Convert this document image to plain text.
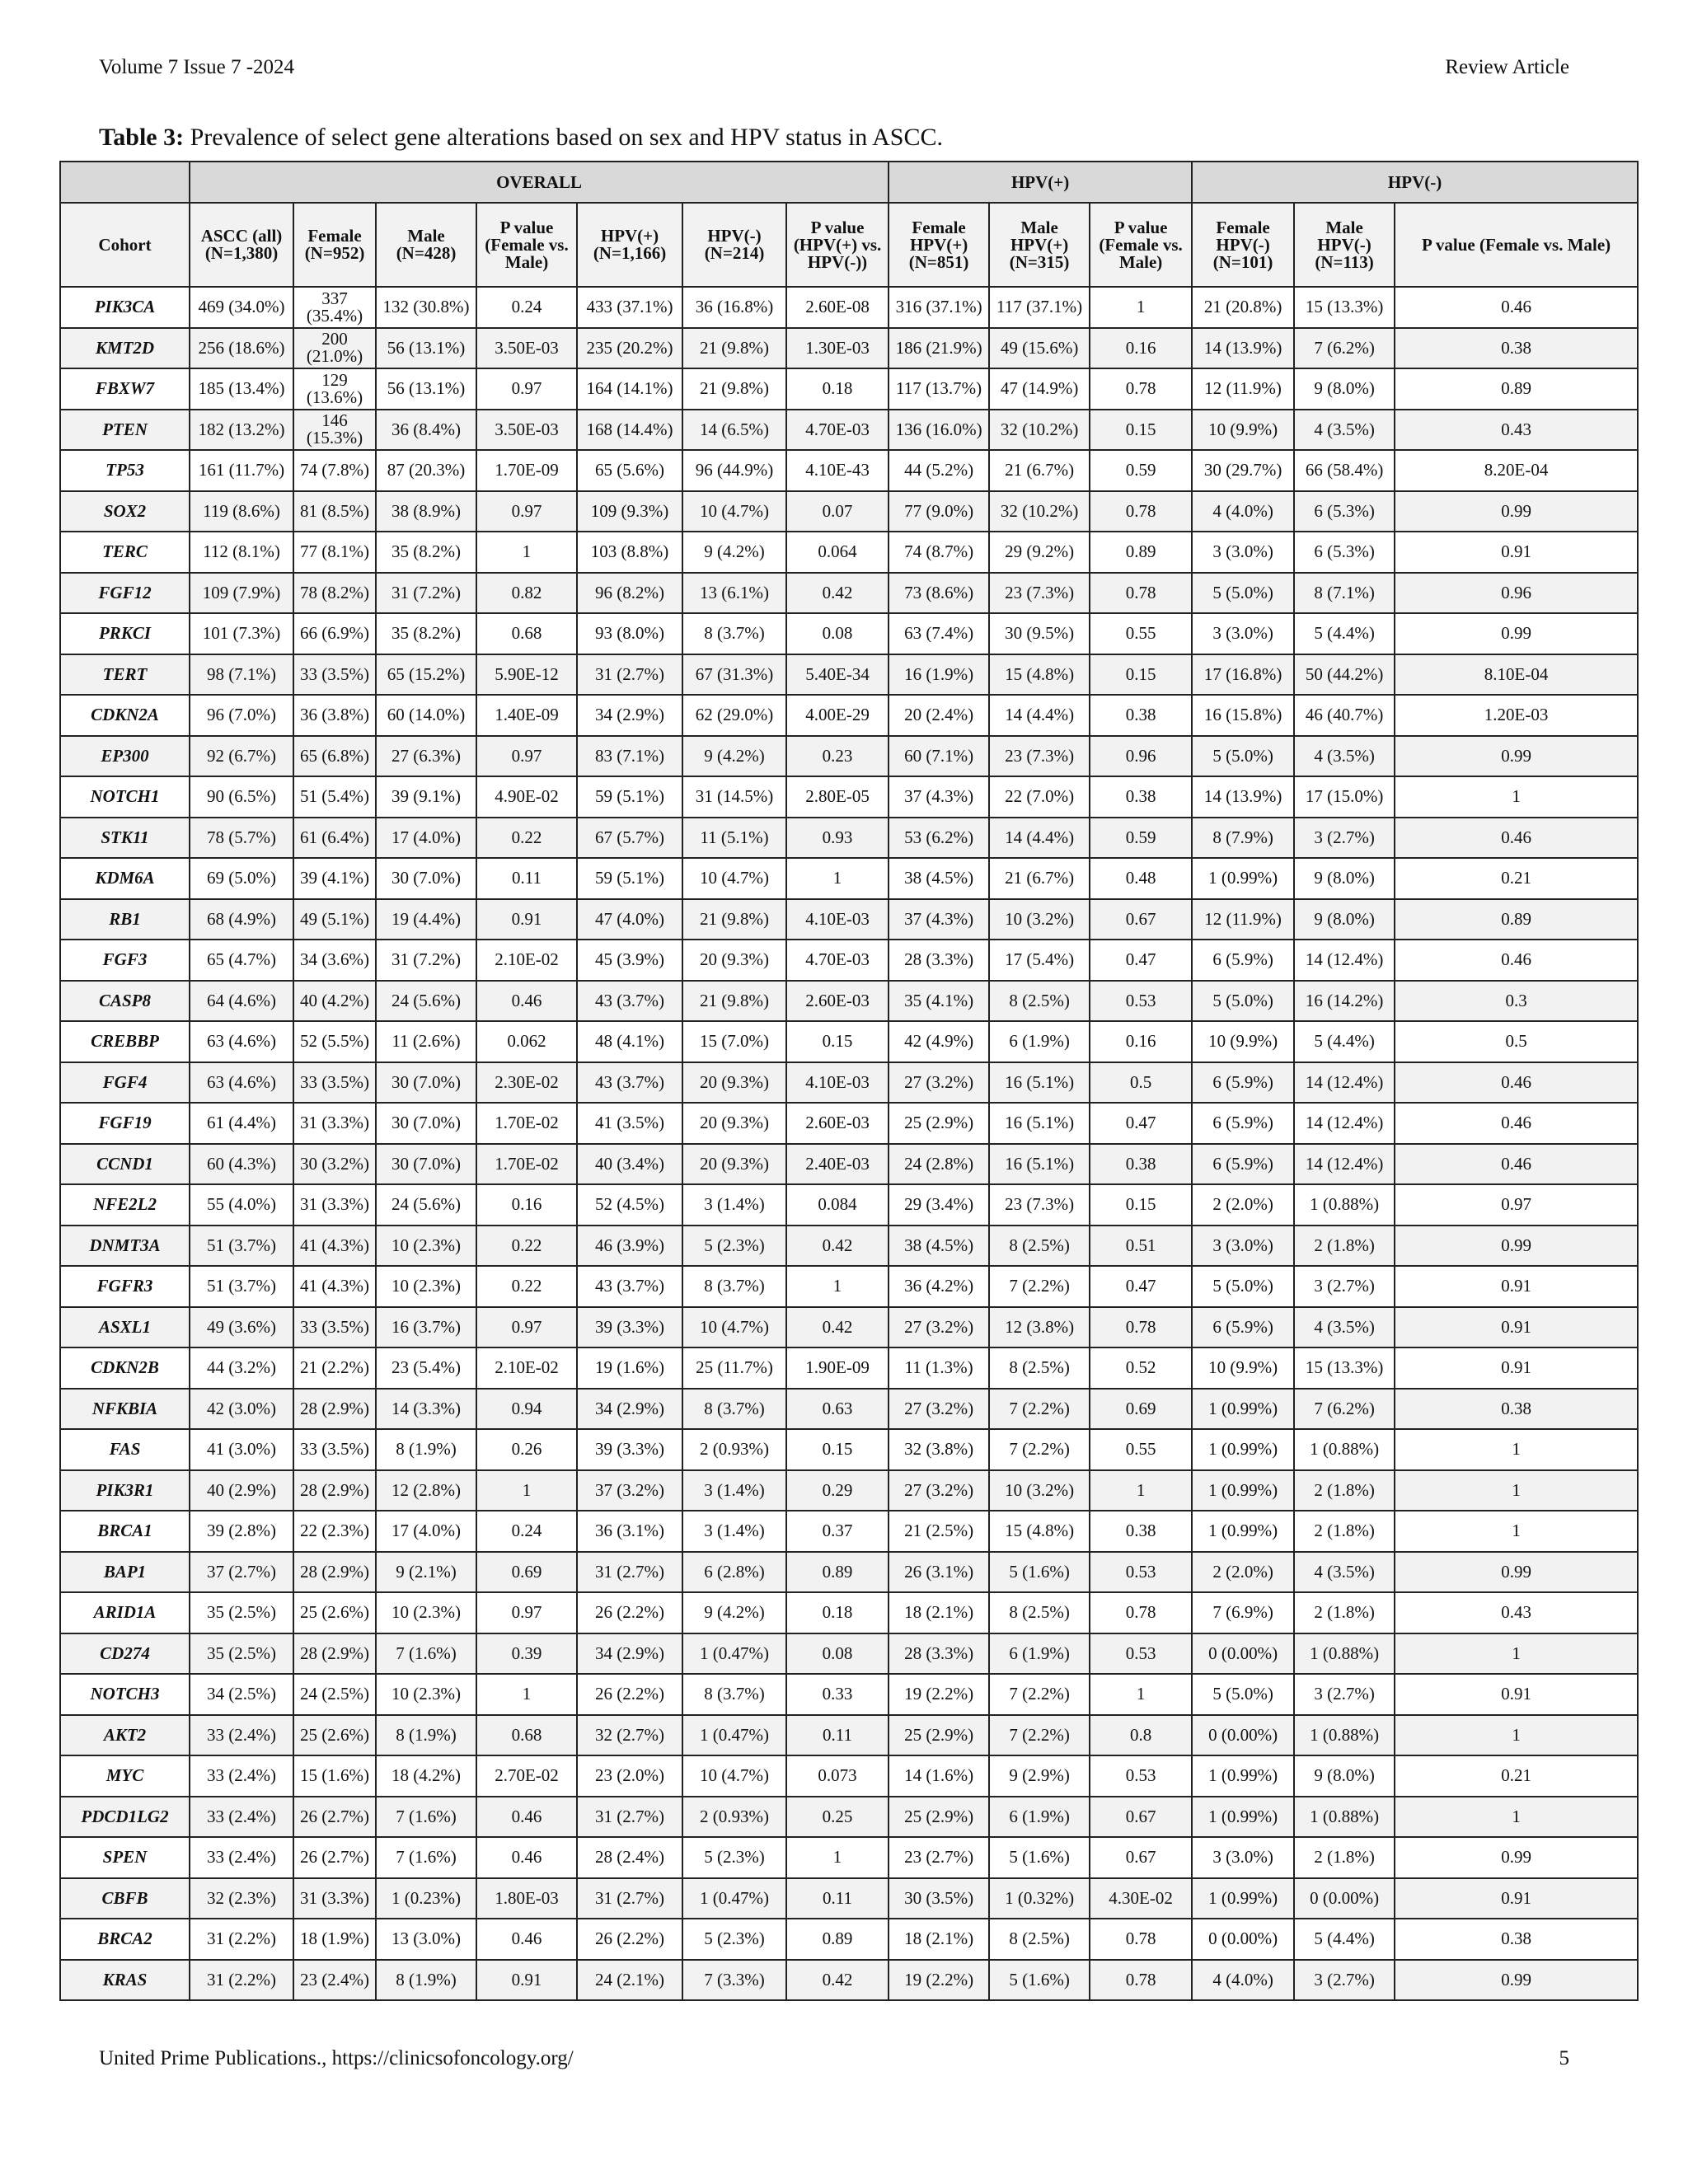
Volume 7 Issue 7 -2024	Review Article
Table 3: Prevalence of select gene alterations based on sex and HPV status in ASCC.
	OVERALL							HPV(+)			HPV(-)		
Cohort	ASCC (all) (N=1,380)	Female (N=952)	Male (N=428)	P value (Female vs. Male)	HPV(+) (N=1,166)	HPV(-) (N=214)	P value (HPV(+) vs. HPV(-))	Female HPV(+) (N=851)	Male HPV(+) (N=315)	P value (Female vs. Male)	Female HPV(-) (N=101)	Male HPV(-) (N=113)	P value (Female vs. Male)
PIK3CA	469 (34.0%)	337 (35.4%)	132 (30.8%)	0.24	433 (37.1%)	36 (16.8%)	2.60E-08	316 (37.1%)	117 (37.1%)	1	21 (20.8%)	15 (13.3%)	0.46
KMT2D	256 (18.6%)	200 (21.0%)	56 (13.1%)	3.50E-03	235 (20.2%)	21 (9.8%)	1.30E-03	186 (21.9%)	49 (15.6%)	0.16	14 (13.9%)	7 (6.2%)	0.38
FBXW7	185 (13.4%)	129 (13.6%)	56 (13.1%)	0.97	164 (14.1%)	21 (9.8%)	0.18	117 (13.7%)	47 (14.9%)	0.78	12 (11.9%)	9 (8.0%)	0.89
PTEN	182 (13.2%)	146 (15.3%)	36 (8.4%)	3.50E-03	168 (14.4%)	14 (6.5%)	4.70E-03	136 (16.0%)	32 (10.2%)	0.15	10 (9.9%)	4 (3.5%)	0.43
TP53	161 (11.7%)	74 (7.8%)	87 (20.3%)	1.70E-09	65 (5.6%)	96 (44.9%)	4.10E-43	44 (5.2%)	21 (6.7%)	0.59	30 (29.7%)	66 (58.4%)	8.20E-04
SOX2	119 (8.6%)	81 (8.5%)	38 (8.9%)	0.97	109 (9.3%)	10 (4.7%)	0.07	77 (9.0%)	32 (10.2%)	0.78	4 (4.0%)	6 (5.3%)	0.99
TERC	112 (8.1%)	77 (8.1%)	35 (8.2%)	1	103 (8.8%)	9 (4.2%)	0.064	74 (8.7%)	29 (9.2%)	0.89	3 (3.0%)	6 (5.3%)	0.91
FGF12	109 (7.9%)	78 (8.2%)	31 (7.2%)	0.82	96 (8.2%)	13 (6.1%)	0.42	73 (8.6%)	23 (7.3%)	0.78	5 (5.0%)	8 (7.1%)	0.96
PRKCI	101 (7.3%)	66 (6.9%)	35 (8.2%)	0.68	93 (8.0%)	8 (3.7%)	0.08	63 (7.4%)	30 (9.5%)	0.55	3 (3.0%)	5 (4.4%)	0.99
TERT	98 (7.1%)	33 (3.5%)	65 (15.2%)	5.90E-12	31 (2.7%)	67 (31.3%)	5.40E-34	16 (1.9%)	15 (4.8%)	0.15	17 (16.8%)	50 (44.2%)	8.10E-04
CDKN2A	96 (7.0%)	36 (3.8%)	60 (14.0%)	1.40E-09	34 (2.9%)	62 (29.0%)	4.00E-29	20 (2.4%)	14 (4.4%)	0.38	16 (15.8%)	46 (40.7%)	1.20E-03
EP300	92 (6.7%)	65 (6.8%)	27 (6.3%)	0.97	83 (7.1%)	9 (4.2%)	0.23	60 (7.1%)	23 (7.3%)	0.96	5 (5.0%)	4 (3.5%)	0.99
NOTCH1	90 (6.5%)	51 (5.4%)	39 (9.1%)	4.90E-02	59 (5.1%)	31 (14.5%)	2.80E-05	37 (4.3%)	22 (7.0%)	0.38	14 (13.9%)	17 (15.0%)	1
STK11	78 (5.7%)	61 (6.4%)	17 (4.0%)	0.22	67 (5.7%)	11 (5.1%)	0.93	53 (6.2%)	14 (4.4%)	0.59	8 (7.9%)	3 (2.7%)	0.46
KDM6A	69 (5.0%)	39 (4.1%)	30 (7.0%)	0.11	59 (5.1%)	10 (4.7%)	1	38 (4.5%)	21 (6.7%)	0.48	1 (0.99%)	9 (8.0%)	0.21
RB1	68 (4.9%)	49 (5.1%)	19 (4.4%)	0.91	47 (4.0%)	21 (9.8%)	4.10E-03	37 (4.3%)	10 (3.2%)	0.67	12 (11.9%)	9 (8.0%)	0.89
FGF3	65 (4.7%)	34 (3.6%)	31 (7.2%)	2.10E-02	45 (3.9%)	20 (9.3%)	4.70E-03	28 (3.3%)	17 (5.4%)	0.47	6 (5.9%)	14 (12.4%)	0.46
CASP8	64 (4.6%)	40 (4.2%)	24 (5.6%)	0.46	43 (3.7%)	21 (9.8%)	2.60E-03	35 (4.1%)	8 (2.5%)	0.53	5 (5.0%)	16 (14.2%)	0.3
CREBBP	63 (4.6%)	52 (5.5%)	11 (2.6%)	0.062	48 (4.1%)	15 (7.0%)	0.15	42 (4.9%)	6 (1.9%)	0.16	10 (9.9%)	5 (4.4%)	0.5
FGF4	63 (4.6%)	33 (3.5%)	30 (7.0%)	2.30E-02	43 (3.7%)	20 (9.3%)	4.10E-03	27 (3.2%)	16 (5.1%)	0.5	6 (5.9%)	14 (12.4%)	0.46
FGF19	61 (4.4%)	31 (3.3%)	30 (7.0%)	1.70E-02	41 (3.5%)	20 (9.3%)	2.60E-03	25 (2.9%)	16 (5.1%)	0.47	6 (5.9%)	14 (12.4%)	0.46
CCND1	60 (4.3%)	30 (3.2%)	30 (7.0%)	1.70E-02	40 (3.4%)	20 (9.3%)	2.40E-03	24 (2.8%)	16 (5.1%)	0.38	6 (5.9%)	14 (12.4%)	0.46
NFE2L2	55 (4.0%)	31 (3.3%)	24 (5.6%)	0.16	52 (4.5%)	3 (1.4%)	0.084	29 (3.4%)	23 (7.3%)	0.15	2 (2.0%)	1 (0.88%)	0.97
DNMT3A	51 (3.7%)	41 (4.3%)	10 (2.3%)	0.22	46 (3.9%)	5 (2.3%)	0.42	38 (4.5%)	8 (2.5%)	0.51	3 (3.0%)	2 (1.8%)	0.99
FGFR3	51 (3.7%)	41 (4.3%)	10 (2.3%)	0.22	43 (3.7%)	8 (3.7%)	1	36 (4.2%)	7 (2.2%)	0.47	5 (5.0%)	3 (2.7%)	0.91
ASXL1	49 (3.6%)	33 (3.5%)	16 (3.7%)	0.97	39 (3.3%)	10 (4.7%)	0.42	27 (3.2%)	12 (3.8%)	0.78	6 (5.9%)	4 (3.5%)	0.91
CDKN2B	44 (3.2%)	21 (2.2%)	23 (5.4%)	2.10E-02	19 (1.6%)	25 (11.7%)	1.90E-09	11 (1.3%)	8 (2.5%)	0.52	10 (9.9%)	15 (13.3%)	0.91
NFKBIA	42 (3.0%)	28 (2.9%)	14 (3.3%)	0.94	34 (2.9%)	8 (3.7%)	0.63	27 (3.2%)	7 (2.2%)	0.69	1 (0.99%)	7 (6.2%)	0.38
FAS	41 (3.0%)	33 (3.5%)	8 (1.9%)	0.26	39 (3.3%)	2 (0.93%)	0.15	32 (3.8%)	7 (2.2%)	0.55	1 (0.99%)	1 (0.88%)	1
PIK3R1	40 (2.9%)	28 (2.9%)	12 (2.8%)	1	37 (3.2%)	3 (1.4%)	0.29	27 (3.2%)	10 (3.2%)	1	1 (0.99%)	2 (1.8%)	1
BRCA1	39 (2.8%)	22 (2.3%)	17 (4.0%)	0.24	36 (3.1%)	3 (1.4%)	0.37	21 (2.5%)	15 (4.8%)	0.38	1 (0.99%)	2 (1.8%)	1
BAP1	37 (2.7%)	28 (2.9%)	9 (2.1%)	0.69	31 (2.7%)	6 (2.8%)	0.89	26 (3.1%)	5 (1.6%)	0.53	2 (2.0%)	4 (3.5%)	0.99
ARID1A	35 (2.5%)	25 (2.6%)	10 (2.3%)	0.97	26 (2.2%)	9 (4.2%)	0.18	18 (2.1%)	8 (2.5%)	0.78	7 (6.9%)	2 (1.8%)	0.43
CD274	35 (2.5%)	28 (2.9%)	7 (1.6%)	0.39	34 (2.9%)	1 (0.47%)	0.08	28 (3.3%)	6 (1.9%)	0.53	0 (0.00%)	1 (0.88%)	1
NOTCH3	34 (2.5%)	24 (2.5%)	10 (2.3%)	1	26 (2.2%)	8 (3.7%)	0.33	19 (2.2%)	7 (2.2%)	1	5 (5.0%)	3 (2.7%)	0.91
AKT2	33 (2.4%)	25 (2.6%)	8 (1.9%)	0.68	32 (2.7%)	1 (0.47%)	0.11	25 (2.9%)	7 (2.2%)	0.8	0 (0.00%)	1 (0.88%)	1
MYC	33 (2.4%)	15 (1.6%)	18 (4.2%)	2.70E-02	23 (2.0%)	10 (4.7%)	0.073	14 (1.6%)	9 (2.9%)	0.53	1 (0.99%)	9 (8.0%)	0.21
PDCD1LG2	33 (2.4%)	26 (2.7%)	7 (1.6%)	0.46	31 (2.7%)	2 (0.93%)	0.25	25 (2.9%)	6 (1.9%)	0.67	1 (0.99%)	1 (0.88%)	1
SPEN	33 (2.4%)	26 (2.7%)	7 (1.6%)	0.46	28 (2.4%)	5 (2.3%)	1	23 (2.7%)	5 (1.6%)	0.67	3 (3.0%)	2 (1.8%)	0.99
CBFB	32 (2.3%)	31 (3.3%)	1 (0.23%)	1.80E-03	31 (2.7%)	1 (0.47%)	0.11	30 (3.5%)	1 (0.32%)	4.30E-02	1 (0.99%)	0 (0.00%)	0.91
BRCA2	31 (2.2%)	18 (1.9%)	13 (3.0%)	0.46	26 (2.2%)	5 (2.3%)	0.89	18 (2.1%)	8 (2.5%)	0.78	0 (0.00%)	5 (4.4%)	0.38
KRAS	31 (2.2%)	23 (2.4%)	8 (1.9%)	0.91	24 (2.1%)	7 (3.3%)	0.42	19 (2.2%)	5 (1.6%)	0.78	4 (4.0%)	3 (2.7%)	0.99
United Prime Publications., https://clinicsofoncology.org/	5
